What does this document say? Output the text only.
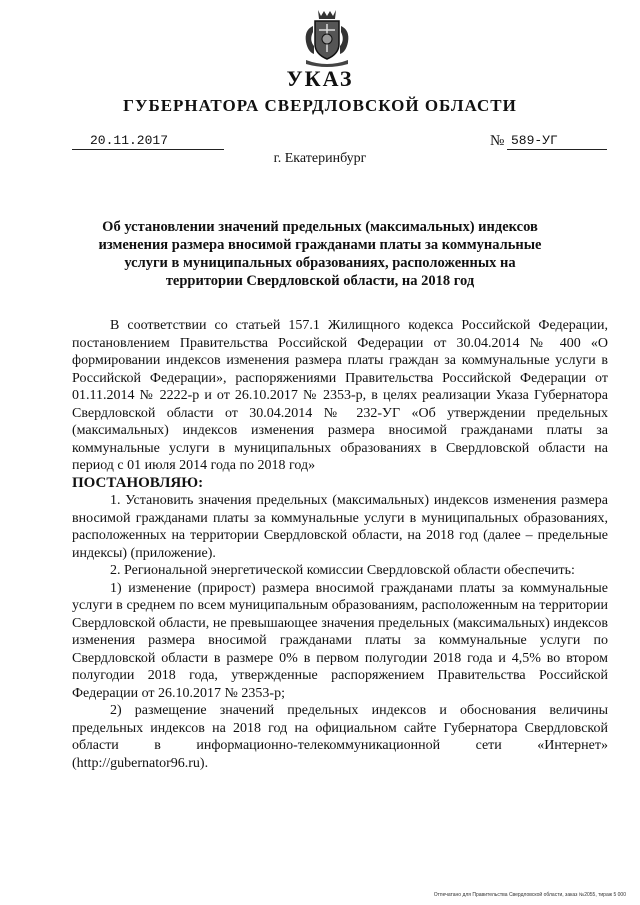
УКАЗ
ГУБЕРНАТОРА СВЕРДЛОВСКОЙ ОБЛАСТИ
20.11.2017	№ 589-УГ
г. Екатеринбург
Об установлении значений предельных (максимальных) индексов изменения размера вносимой гражданами платы за коммунальные услуги в муниципальных образованиях, расположенных на территории Свердловской области, на 2018 год

В соответствии со статьей 157.1 Жилищного кодекса Российской Федерации, постановлением Правительства Российской Федерации от 30.04.2014 № 400 «О формировании индексов изменения размера платы граждан за коммунальные услуги в Российской Федерации», распоряжениями Правительства Российской Федерации от 01.11.2014 № 2222-р и от 26.10.2017 № 2353-р, в целях реализации Указа Губернатора Свердловской области от 30.04.2014 № 232-УГ «Об утверждении предельных (максимальных) индексов изменения размера вносимой гражданами платы за коммунальные услуги в муниципальных образованиях в Свердловской области на период с 01 июля 2014 года по 2018 год»

ПОСТАНОВЛЯЮ:

1. Установить значения предельных (максимальных) индексов изменения размера вносимой гражданами платы за коммунальные услуги в муниципальных образованиях, расположенных на территории Свердловской области, на 2018 год (далее – предельные индексы) (приложение).

2. Региональной энергетической комиссии Свердловской области обеспечить:

1) изменение (прирост) размера вносимой гражданами платы за коммунальные услуги в среднем по всем муниципальным образованиям, расположенным на территории Свердловской области, не превышающее значения предельных (максимальных) индексов изменения размера вносимой гражданами платы за коммунальные услуги по Свердловской области в размере 0% в первом полугодии 2018 года и 4,5% во втором полугодии 2018 года, утвержденные распоряжением Правительства Российской Федерации от 26.10.2017 № 2353-р;

2) размещение значений предельных индексов и обоснования величины предельных индексов на 2018 год на официальном сайте Губернатора Свердловской области в информационно-телекоммуникационной сети «Интернет» (http://gubernator96.ru).

Отпечатано для Правительства Свердловской области, заказ №2055, тираж 5 000
